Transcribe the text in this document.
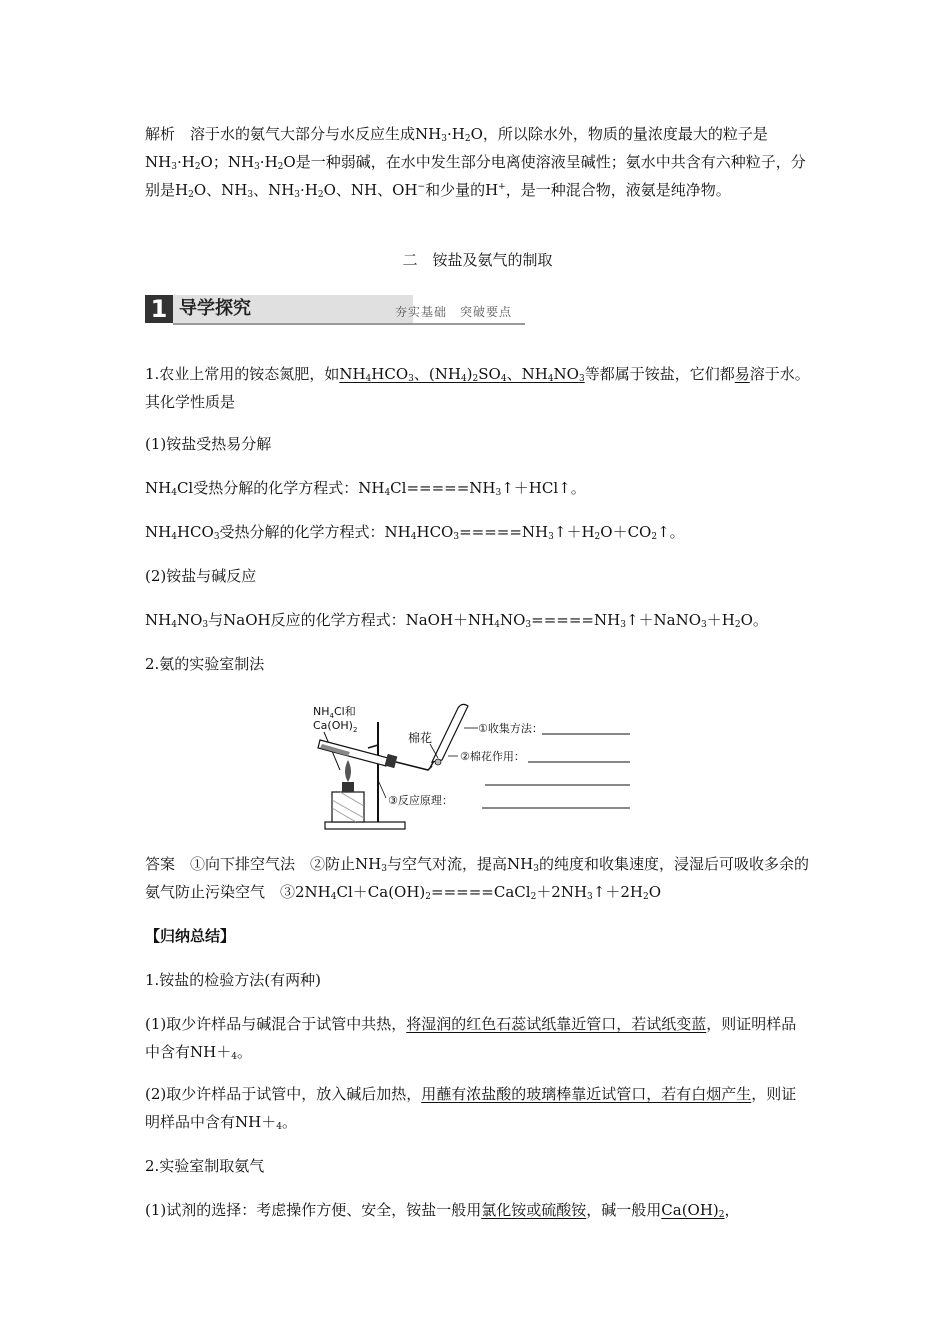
解析　 溶于水的氨气大部分与水反应生成$NH_3\cdot H_2O$，所以除水外，物质的量浓度最大的粒子是$NH_3\cdot H_2O$；$NH_3\cdot H_2O$是一种弱碱，在水中发生部分电离使溶液呈碱性；氨水中共含有六种粒子，分别是$H_2O$、$NH_3$、$NH_3\cdot H_2O$、NH、OH−和少量的H+，是一种混合物，液氨是纯净物。

二　铵盐及氨气的制取
导学探究
1	夯实基础　突破要点

1.农业上常用的铵态氮肥，如$NH_4HCO_3$、$(NH_4)_2SO_4$、$NH_4NO_3$等都属于铵盐，它们都易溶于水。其化学性质是

(1)铵盐受热易分解

$NH_4Cl$受热分解的化学方程式：$NH_4Cl=====NH_3↑+HCl↑$。

$NH_4HCO_3$受热分解的化学方程式：$NH_4HCO_3=====NH_3↑+H_2O+CO_2↑$。

(2)铵盐与碱反应

$NH_4NO_3$与NaOH反应的化学方程式：$NaOH+NH_4NO_3=====NH_3↑+NaNO_3+H_2O$。

2.氨的实验室制法

$NH_4Cl$和
$Ca(OH)_2$
棉花
①收集方法：
②棉花作用：
③反应原理：

答案　 ①向下排空气法　②防止$NH_3$与空气对流，提高$NH_3$的纯度和收集速度，浸湿后可吸收多余的氨气防止污染空气　$③2NH_4Cl+Ca(OH)_2=====CaCl_2+2NH_3↑+2H_2O$

【归纳总结】

1.铵盐的检验方法(有两种)

(1)取少许样品与碱混合于试管中共热，将湿润的红色石蕊试纸靠近管口，若试纸变蓝，则证明样品中含有$NH+_4$。

(2)取少许样品于试管中，放入碱后加热，用蘸有浓盐酸的玻璃棒靠近试管口，若有白烟产生，则证明样品中含有$NH+_4$。

2.实验室制取氨气

(1)试剂的选择：考虑操作方便、安全，铵盐一般用氯化铵或硫酸铵，碱一般用$Ca(OH)_2$，
